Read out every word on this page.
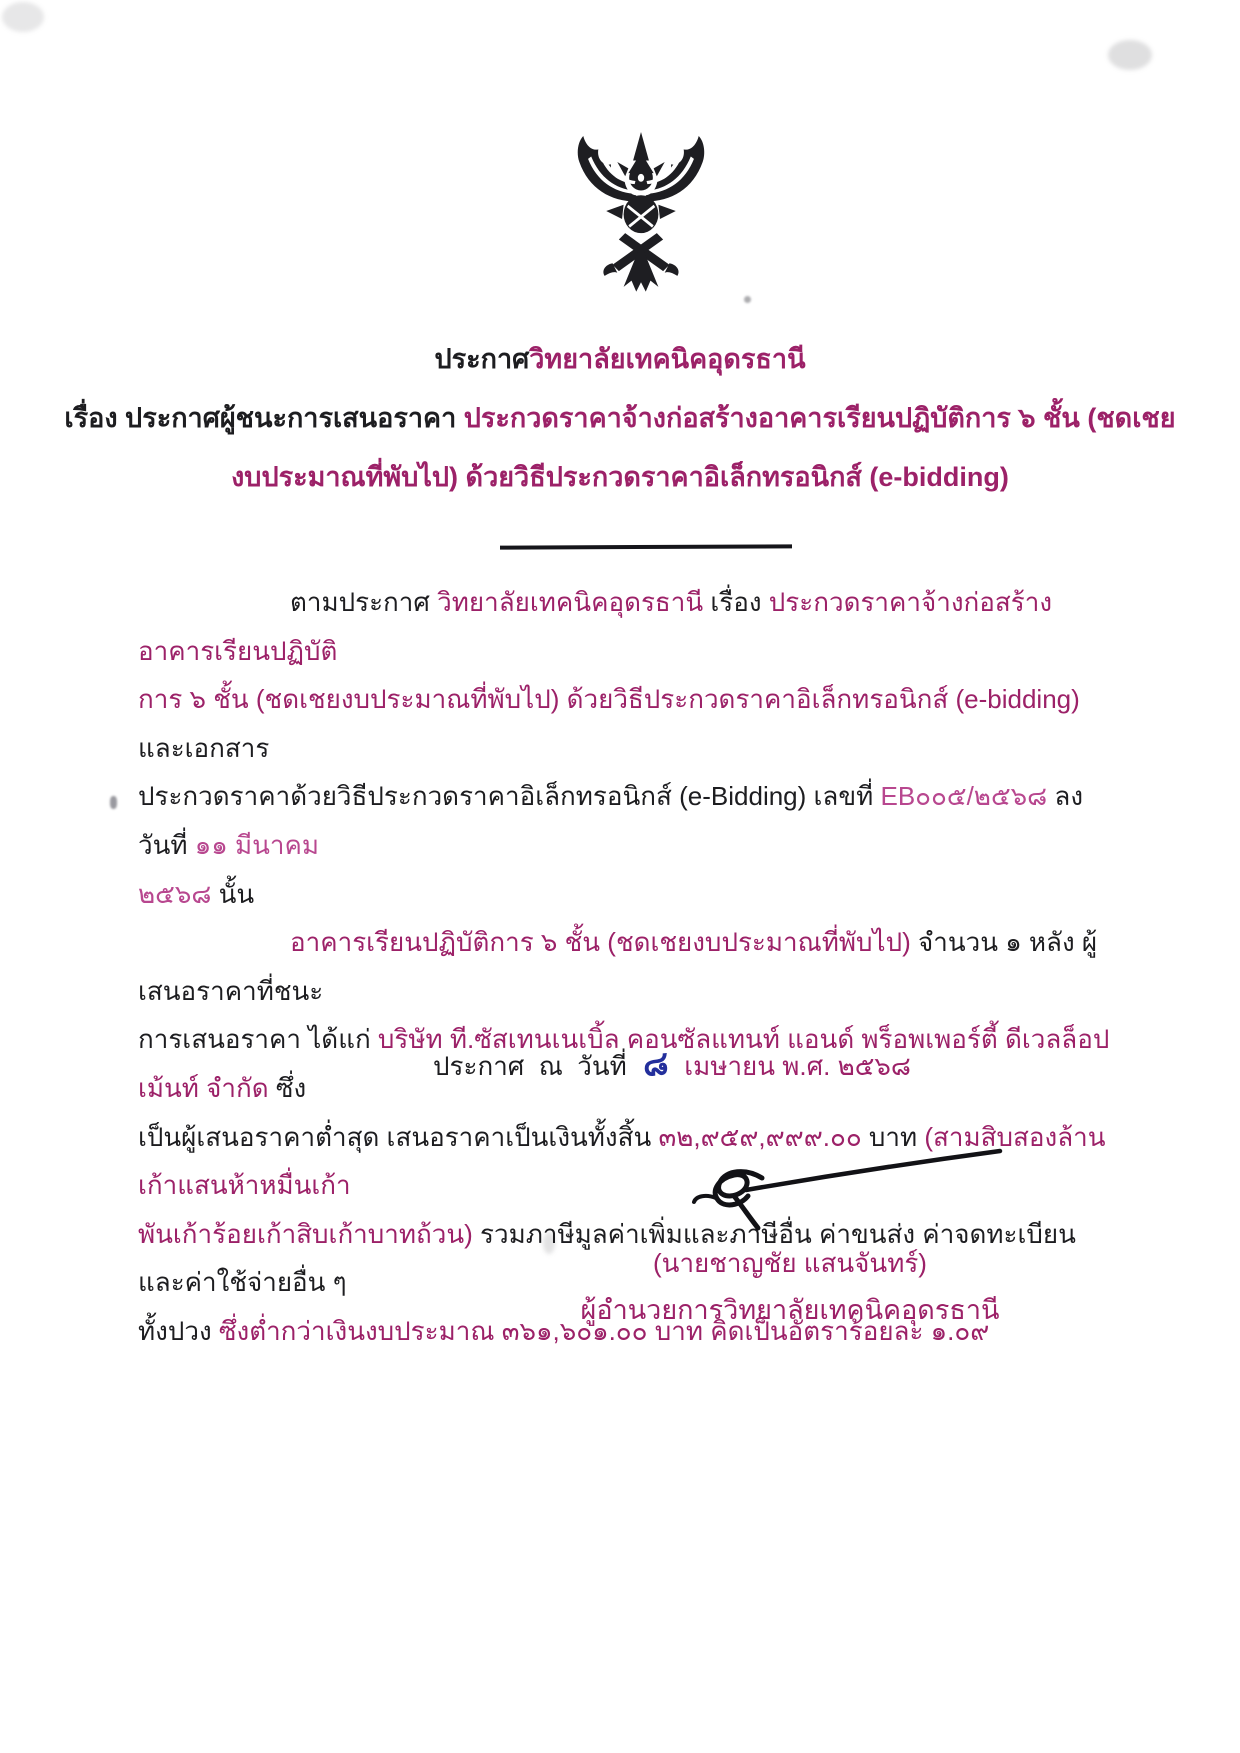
ประกาศวิทยาลัยเทคนิคอุดรธานี
เรื่อง ประกาศผู้ชนะการเสนอราคา ประกวดราคาจ้างก่อสร้างอาคารเรียนปฏิบัติการ ๖ ชั้น (ชดเชย
งบประมาณที่พับไป) ด้วยวิธีประกวดราคาอิเล็กทรอนิกส์ (e-bidding)
ตามประกาศ วิทยาลัยเทคนิคอุดรธานี เรื่อง ประกวดราคาจ้างก่อสร้างอาคารเรียนปฏิบัติ
การ ๖ ชั้น (ชดเชยงบประมาณที่พับไป) ด้วยวิธีประกวดราคาอิเล็กทรอนิกส์ (e-bidding) และเอกสาร
ประกวดราคาด้วยวิธีประกวดราคาอิเล็กทรอนิกส์ (e-Bidding) เลขที่ EB๐๐๕/๒๕๖๘ ลงวันที่ ๑๑ มีนาคม
๒๕๖๘ นั้น
อาคารเรียนปฏิบัติการ ๖ ชั้น (ชดเชยงบประมาณที่พับไป) จำนวน ๑ หลัง ผู้เสนอราคาที่ชนะ
การเสนอราคา ได้แก่ บริษัท ที.ซัสเทนเนเบิ้ล คอนซัลแทนท์ แอนด์ พร็อพเพอร์ตี้ ดีเวลล็อปเม้นท์ จำกัด ซึ่ง
เป็นผู้เสนอราคาต่ำสุด เสนอราคาเป็นเงินทั้งสิ้น ๓๒,๙๕๙,๙๙๙.๐๐ บาท (สามสิบสองล้านเก้าแสนห้าหมื่นเก้า
พันเก้าร้อยเก้าสิบเก้าบาทถ้วน) รวมภาษีมูลค่าเพิ่มและภาษีอื่น ค่าขนส่ง ค่าจดทะเบียน และค่าใช้จ่ายอื่น ๆ
ทั้งปวง ซึ่งต่ำกว่าเงินงบประมาณ ๓๖๑,๖๐๑.๐๐ บาท คิดเป็นอัตราร้อยละ ๑.๐๙
ประกาศ  ณ  วันที่ ๘ เมษายน พ.ศ. ๒๕๖๘
(นายชาญชัย แสนจันทร์)
ผู้อำนวยการวิทยาลัยเทคนิคอุดรธานี
